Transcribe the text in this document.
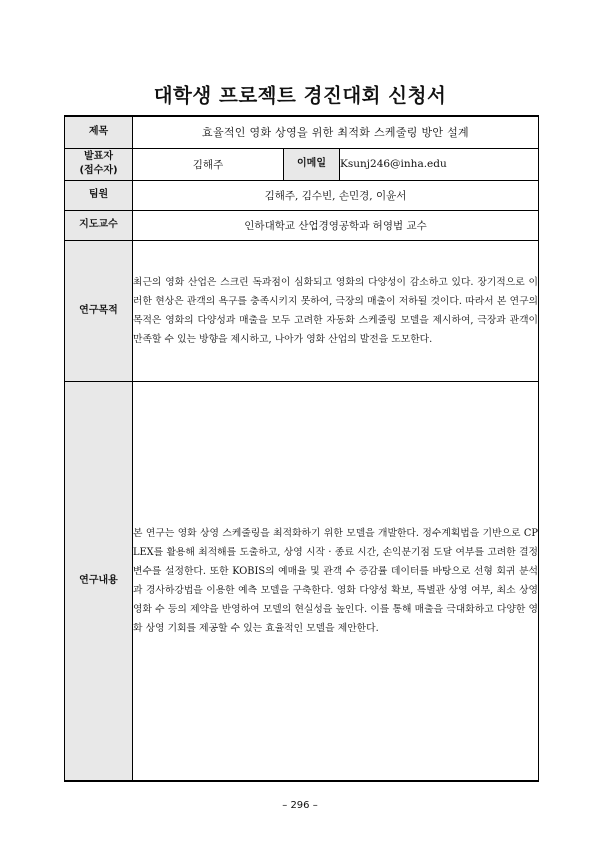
대학생 프로젝트 경진대회 신청서
제목	효율적인 영화 상영을 위한 최적화 스케줄링 방안 설계		

발표자
(접수자)	김해주	이메일	Ksunj246@inha.edu
팀원	김해주, 김수빈, 손민경, 이윤서		
지도교수	인하대학교 산업경영공학과 허영범 교수		
연구목적	최근의 영화 산업은 스크린 독과점이 심화되고 영화의 다양성이 감소하고 있다. 장기적으로 이러한 현상은 관객의 욕구를 충족시키지 못하여, 극장의 매출이 저하될 것이다. 따라서 본 연구의 목적은 영화의 다양성과 매출을 모두 고려한 자동화 스케줄링 모델을 제시하여, 극장과 관객이 만족할 수 있는 방향을 제시하고, 나아가 영화 산업의 발전을 도모한다.		

연구내용	본 연구는 영화 상영 스케줄링을 최적화하기 위한 모델을 개발한다. 정수계획법을 기반으로 CPLEX를 활용해 최적해를 도출하고, 상영 시작 · 종료 시간, 손익분기점 도달 여부를 고려한 결정변수를 설정한다. 또한 KOBIS의 예매율 및 관객 수 증감률 데이터를 바탕으로 선형 회귀 분석과 경사하강법을 이용한 예측 모델을 구축한다. 영화 다양성 확보, 특별관 상영 여부, 최소 상영 영화 수 등의 제약을 반영하여 모델의 현실성을 높인다. 이를 통해 매출을 극대화하고 다양한 영화 상영 기회를 제공할 수 있는 효율적인 모델을 제안한다.		

– 296 –
